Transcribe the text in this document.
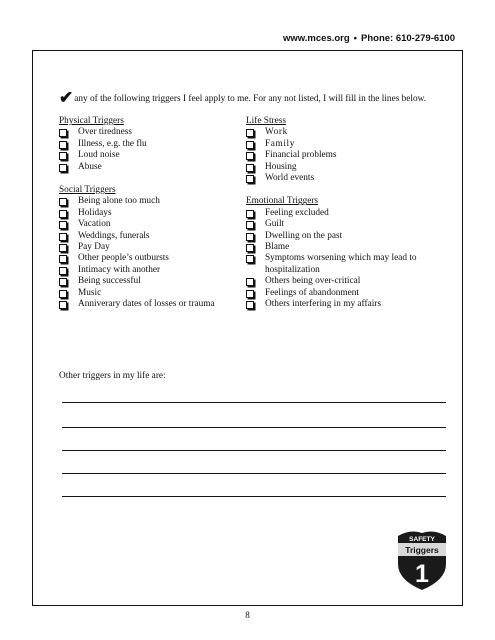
www.mces.org • Phone: 610-279-6100
✔any of the following triggers I feel apply to me. For any not listed, I will fill in the lines below.

Physical Triggers

Over tiredness
Illness, e.g. the flu
Loud noise
Abuse

Social Triggers

Being alone too much
Holidays
Vacation
Weddings, funerals
Pay Day
Other people’s outbursts
Intimacy with another
Being successful
Music
Anniverary dates of losses or trauma

Life Stress

Work
Family
Financial problems
Housing
World events

Emotional Triggers

Feeling excluded
Guilt
Dwelling on the past
Blame
Symptoms worsening which may lead to hospitalization
Others being over-critical
Feelings of abandonment
Others interfering in my affairs
Other triggers in my life are:
SAFETY
Triggers
1
8
